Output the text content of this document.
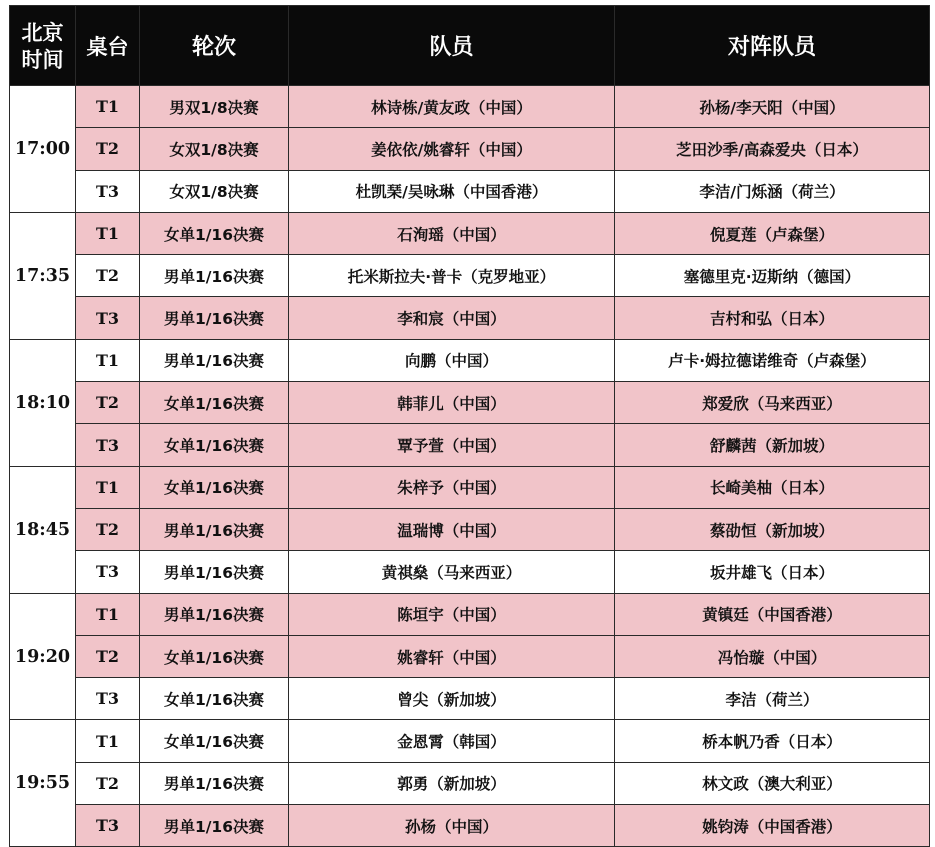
北京
时间	桌台	轮次	队员	对阵队员
17:00	T1	男双1/8决赛	林诗栋/黄友政（中国）	孙杨/李天阳（中国）
	T2	女双1/8决赛	姜依依/姚睿轩（中国）	芝田沙季/高森爱央（日本）
	T3	女双1/8决赛	杜凯琹/吴咏琳（中国香港）	李洁/门烁涵（荷兰）
17:35	T1	女单1/16决赛	石洵瑶（中国）	倪夏莲（卢森堡）
	T2	男单1/16决赛	托米斯拉夫·普卡（克罗地亚）	塞德里克·迈斯纳（德国）
	T3	男单1/16决赛	李和宸（中国）	吉村和弘（日本）
18:10	T1	男单1/16决赛	向鹏（中国）	卢卡·姆拉德诺维奇（卢森堡）
	T2	女单1/16决赛	韩菲儿（中国）	郑爱欣（马来西亚）
	T3	女单1/16决赛	覃予萱（中国）	舒麟茜（新加坡）
18:45	T1	女单1/16决赛	朱梓予（中国）	长崎美柚（日本）
	T2	男单1/16决赛	温瑞博（中国）	蔡劭恒（新加坡）
	T3	男单1/16决赛	黄祺燊（马来西亚）	坂井雄飞（日本）
19:20	T1	男单1/16决赛	陈垣宇（中国）	黄镇廷（中国香港）
	T2	女单1/16决赛	姚睿轩（中国）	冯怡璇（中国）
	T3	女单1/16决赛	曾尖（新加坡）	李洁（荷兰）
19:55	T1	女单1/16决赛	金恩霄（韩国）	桥本帆乃香（日本）
	T2	男单1/16决赛	郭勇（新加坡）	林文政（澳大利亚）
	T3	男单1/16决赛	孙杨（中国）	姚钧涛（中国香港）
